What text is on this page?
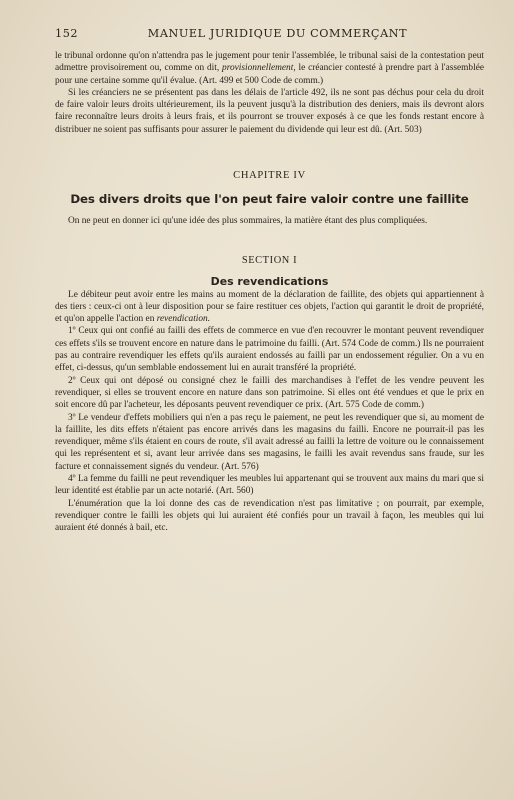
152	MANUEL JURIDIQUE DU COMMERÇANT

le tribunal ordonne qu'on n'attendra pas le jugement pour tenir l'assemblée, le tribunal saisi de la contestation peut admettre provisoirement ou, comme on dit, provisionnellement, le créancier contesté à prendre part à l'assemblée pour une certaine somme qu'il évalue. (Art. 499 et 500 Code de comm.)

Si les créanciers ne se présentent pas dans les délais de l'article 492, ils ne sont pas déchus pour cela du droit de faire valoir leurs droits ultérieurement, ils la peuvent jusqu'à la distribution des deniers, mais ils devront alors faire reconnaître leurs droits à leurs frais, et ils pourront se trouver exposés à ce que les fonds restant encore à distribuer ne soient pas suffisants pour assurer le paiement du dividende qui leur est dû. (Art. 503)

CHAPITRE IV
Des divers droits que l'on peut faire valoir contre une faillite

On ne peut en donner ici qu'une idée des plus sommaires, la matière étant des plus compliquées.

SECTION I
Des revendications

Le débiteur peut avoir entre les mains au moment de la déclaration de faillite, des objets qui appartiennent à des tiers : ceux-ci ont à leur disposition pour se faire restituer ces objets, l'action qui garantit le droit de propriété, et qu'on appelle l'action en revendication.

1º Ceux qui ont confié au failli des effets de commerce en vue d'en recouvrer le montant peuvent revendiquer ces effets s'ils se trouvent encore en nature dans le patrimoine du failli. (Art. 574 Code de comm.) Ils ne pourraient pas au contraire revendiquer les effets qu'ils auraient endossés au failli par un endossement régulier. On a vu en effet, ci-dessus, qu'un semblable endossement lui en aurait transféré la propriété.

2º Ceux qui ont déposé ou consigné chez le failli des marchandises à l'effet de les vendre peuvent les revendiquer, si elles se trouvent encore en nature dans son patrimoine. Si elles ont été vendues et que le prix en soit encore dû par l'acheteur, les déposants peuvent revendiquer ce prix. (Art. 575 Code de comm.)

3º Le vendeur d'effets mobiliers qui n'en a pas reçu le paiement, ne peut les revendiquer que si, au moment de la faillite, les dits effets n'étaient pas encore arrivés dans les magasins du failli. Encore ne pourrait-il pas les revendiquer, même s'ils étaient en cours de route, s'il avait adressé au failli la lettre de voiture ou le connaissement qui les représentent et si, avant leur arrivée dans ses magasins, le failli les avait revendus sans fraude, sur les facture et connaissement signés du vendeur. (Art. 576)

4º La femme du failli ne peut revendiquer les meubles lui appartenant qui se trouvent aux mains du mari que si leur identité est établie par un acte notarié. (Art. 560)

L'énumération que la loi donne des cas de revendication n'est pas limitative ; on pourrait, par exemple, revendiquer contre le failli les objets qui lui auraient été confiés pour un travail à façon, les meubles qui lui auraient été donnés à bail, etc.
